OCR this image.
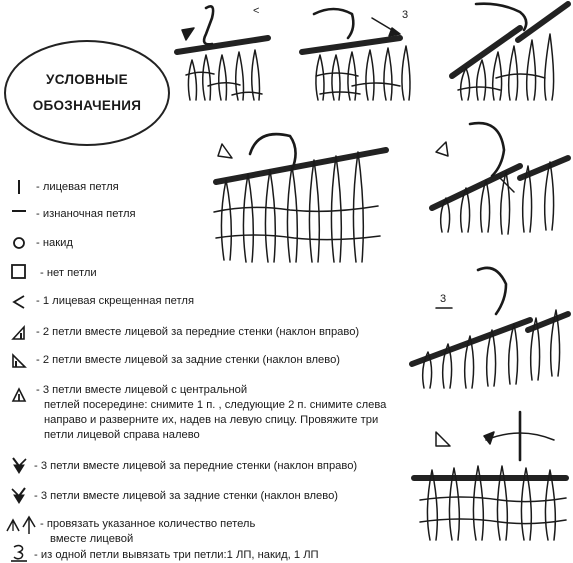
УСЛОВНЫЕ
ОБОЗНАЧЕНИЯ
- лицевая петля
- изнаночная петля
- накид
- нет петли
- 1 лицевая скрещенная петля
- 2 петли вместе лицевой за передние стенки (наклон вправо)
- 2 петли вместе лицевой за задние стенки (наклон влево)
- 3 петли вместе лицевой с центральной
петлей посередине: снимите 1 п. , следующие 2 п. снимите слева
направо и разверните их, надев на левую спицу. Провяжите три
петли лицевой справа налево
- 3 петли вместе лицевой за передние стенки (наклон вправо)
- 3 петли вместе лицевой за задние стенки (наклон влево)
- провязать указанное количество петель
вместе лицевой
- из одной петли вывязать три петли:1 ЛП, накид, 1 ЛП
<	3
3
